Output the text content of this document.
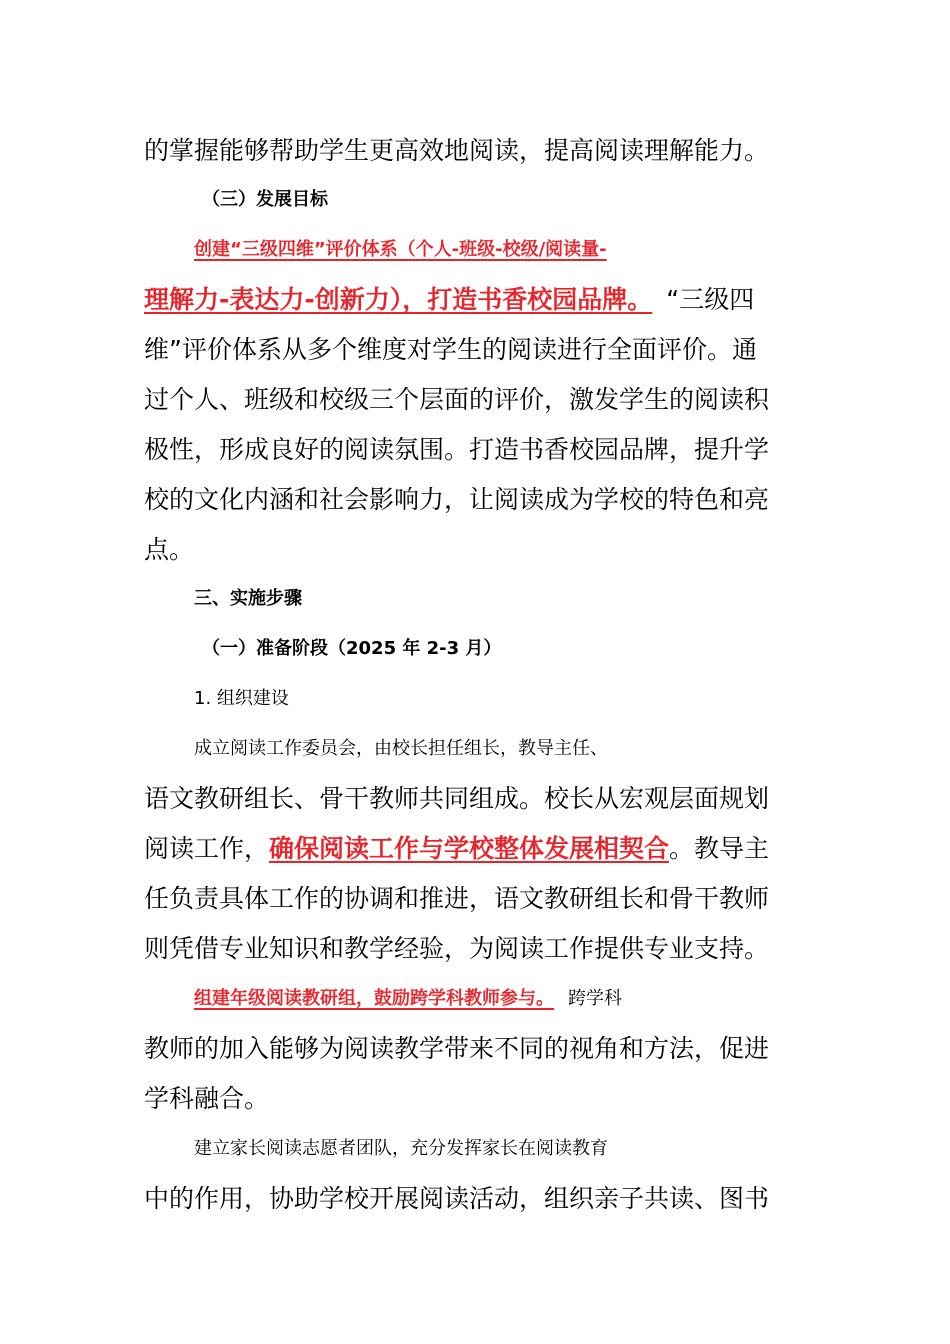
的掌握能够帮助学生更高效地阅读，提高阅读理解能力。
（三）发展目标
创建“三级四维”评价体系（个人-班级-校级/阅读量-
理解力-表达力-创新力），打造书香校园品牌。 “三级四
维”评价体系从多个维度对学生的阅读进行全面评价。通
过个人、班级和校级三个层面的评价，激发学生的阅读积
极性，形成良好的阅读氛围。打造书香校园品牌，提升学
校的文化内涵和社会影响力，让阅读成为学校的特色和亮
点。
三、实施步骤
（一）准备阶段（2025 年 2-3 月）
1. 组织建设
成立阅读工作委员会，由校长担任组长，教导主任、
语文教研组长、骨干教师共同组成。校长从宏观层面规划
阅读工作，确保阅读工作与学校整体发展相契合。教导主
任负责具体工作的协调和推进，语文教研组长和骨干教师
则凭借专业知识和教学经验，为阅读工作提供专业支持。
组建年级阅读教研组，鼓励跨学科教师参与。 跨学科
教师的加入能够为阅读教学带来不同的视角和方法，促进
学科融合。
建立家长阅读志愿者团队，充分发挥家长在阅读教育
中的作用，协助学校开展阅读活动，组织亲子共读、图书
